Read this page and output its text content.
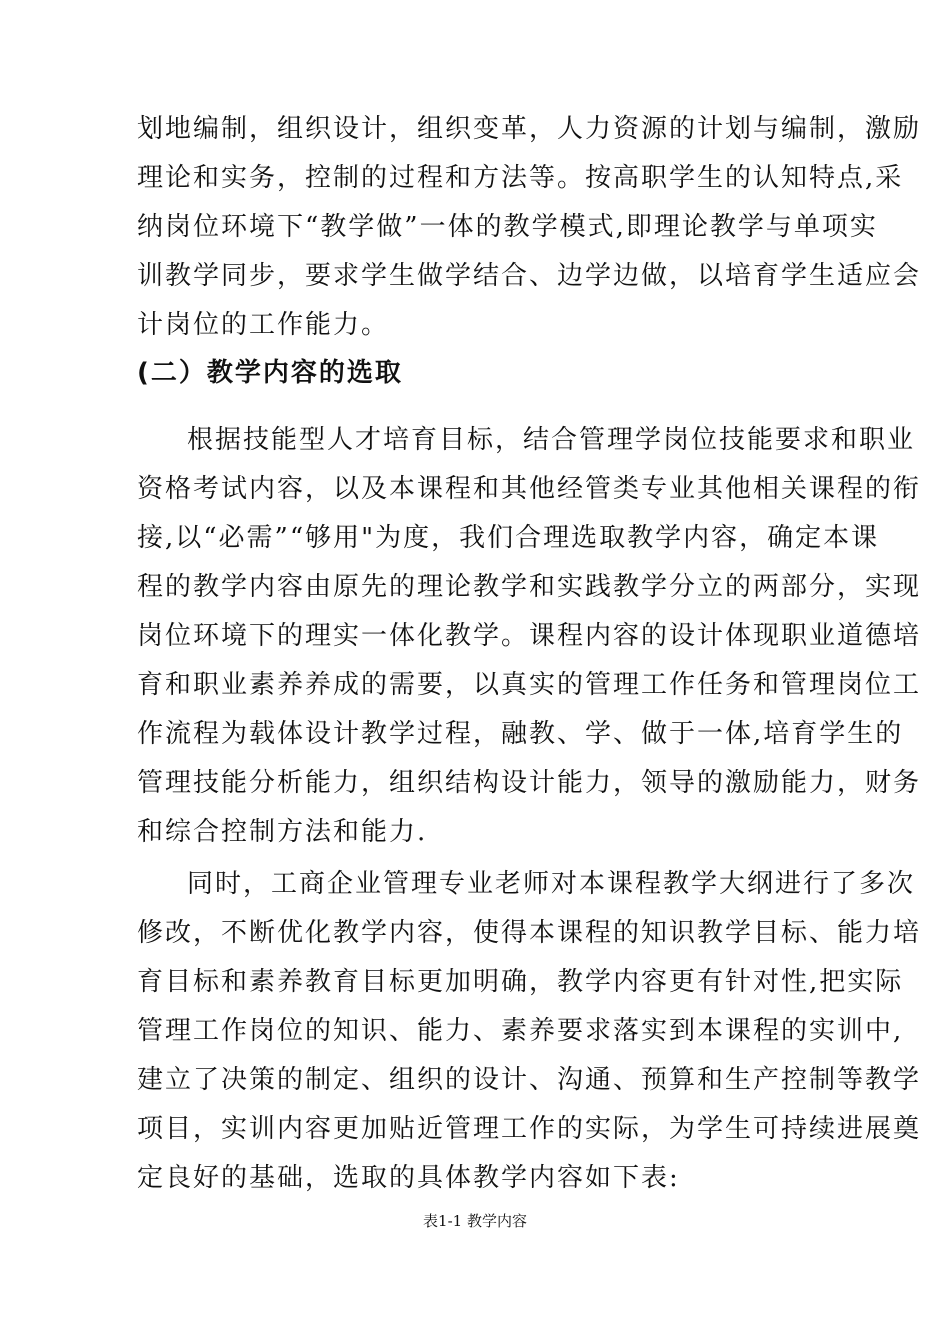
划地编制，组织设计，组织变革，人力资源的计划与编制，激励
理论和实务，控制的过程和方法等。按高职学生的认知特点,采
纳岗位环境下“教学做”一体的教学模式,即理论教学与单项实
训教学同步，要求学生做学结合、边学边做，以培育学生适应会
计岗位的工作能力。
(二）教学内容的选取
根据技能型人才培育目标，结合管理学岗位技能要求和职业
资格考试内容，以及本课程和其他经管类专业其他相关课程的衔
接,以“必需”“够用"为度，我们合理选取教学内容，确定本课
程的教学内容由原先的理论教学和实践教学分立的两部分，实现
岗位环境下的理实一体化教学。课程内容的设计体现职业道德培
育和职业素养养成的需要，以真实的管理工作任务和管理岗位工
作流程为载体设计教学过程，融教、学、做于一体,培育学生的
管理技能分析能力，组织结构设计能力，领导的激励能力，财务
和综合控制方法和能力.
同时，工商企业管理专业老师对本课程教学大纲进行了多次
修改，不断优化教学内容，使得本课程的知识教学目标、能力培
育目标和素养教育目标更加明确，教学内容更有针对性,把实际
管理工作岗位的知识、能力、素养要求落实到本课程的实训中,
建立了决策的制定、组织的设计、沟通、预算和生产控制等教学
项目，实训内容更加贴近管理工作的实际，为学生可持续进展奠
定良好的基础，选取的具体教学内容如下表:
表1-1 教学内容
